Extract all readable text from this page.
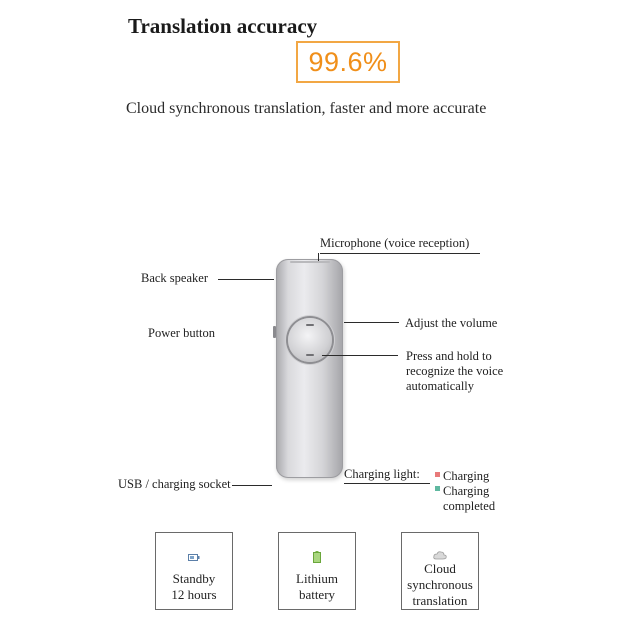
Translation accuracy
99.6%
Cloud synchronous translation, faster and more accurate
Microphone (voice reception)
Back speaker
Power button
Adjust the volume
Press and hold to
recognize the voice
automatically
USB / charging socket
Charging light: Charging
Charging
completed
Standby
12 hours
Lithium
battery
Cloud
synchronous
translation
